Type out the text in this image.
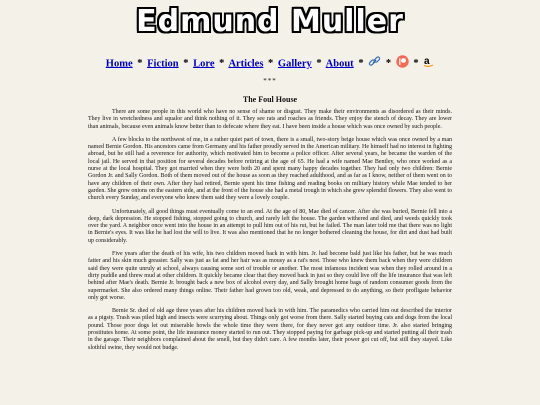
Edmund Muller
Home * Fiction * Lore * Articles * Gallery * About * * * a
***
The Foul House

There are some people in this world who have no sense of shame or disgust. They make their environments as disordered as their minds. They live in wretchedness and squalor and think nothing of it. They see rats and roaches as friends. They enjoy the stench of decay. They are lower than animals, because even animals know better than to defecate where they eat. I have been inside a house which was once owned by such people.

A few blocks to the northwest of me, in a rather quiet part of town, there is a small, two-story beige house which was once owned by a man named Bernie Gordon. His ancestors came from Germany and his father proudly served in the American military. He himself had no interest in fighting abroad, but he still had a reverence for authority, which motivated him to become a police officer. After several years, he became the warden of the local jail. He served in that position for several decades before retiring at the age of 65. He had a wife named Mae Bentley, who once worked as a nurse at the local hospital. They got married when they were both 20 and spent many happy decades together. They had only two children: Bernie Gordon Jr. and Sally Gordon. Both of them moved out of the house as soon as they reached adulthood, and as far as I know, neither of them went on to have any children of their own. After they had retired, Bernie spent his time fishing and reading books on military history while Mae tended to her garden. She grew onions on the eastern side, and at the front of the house she had a metal trough in which she grew splendid flowers. They also went to church every Sunday, and everyone who knew them said they were a lovely couple.

Unfortunately, all good things must eventually come to an end. At the age of 80, Mae died of cancer. After she was buried, Bernie fell into a deep, dark depression. He stopped fishing, stopped going to church, and rarely left the house. The garden withered and died, and weeds quickly took over the yard. A neighbor once went into the house in an attempt to pull him out of his rut, but he failed. The man later told me that there was no light in Bernie's eyes. It was like he had lost the will to live. It was also mentioned that he no longer bothered cleaning the house, for dirt and dust had built up considerably.

Five years after the death of his wife, his two children moved back in with him. Jr. had become bald just like his father, but he was much fatter and his skin much greasier. Sally was just as fat and her hair was as mousy as a rat's nest. Those who knew them back when they were children said they were quite unruly at school, always causing some sort of trouble or another. The most infamous incident was when they rolled around in a dirty puddle and threw mud at other children. It quickly became clear that they moved back in just so they could live off the life insurance that was left behind after Mae's death. Bernie Jr. brought back a new box of alcohol every day, and Sally brought home bags of random consumer goods from the supermarket. She also ordered many things online. Their father had grown too old, weak, and depressed to do anything, so their profligate behavior only got worse.

Bernie Sr. died of old age three years after his children moved back in with him. The paramedics who carried him out described the interior as a pigsty. Trash was piled high and insects were scurrying about. Things only got worse from there. Sally started buying cats and dogs from the local pound. Those poor dogs let out miserable howls the whole time they were there, for they never got any outdoor time. Jr. also started bringing prostitutes home. At some point, the life insurance money started to run out. They stopped paying for garbage pick-up and started putting all their trash in the garage. Their neighbors complained about the smell, but they didn't care. A few months later, their power got cut off, but still they stayed. Like slothful swine, they would not budge.
